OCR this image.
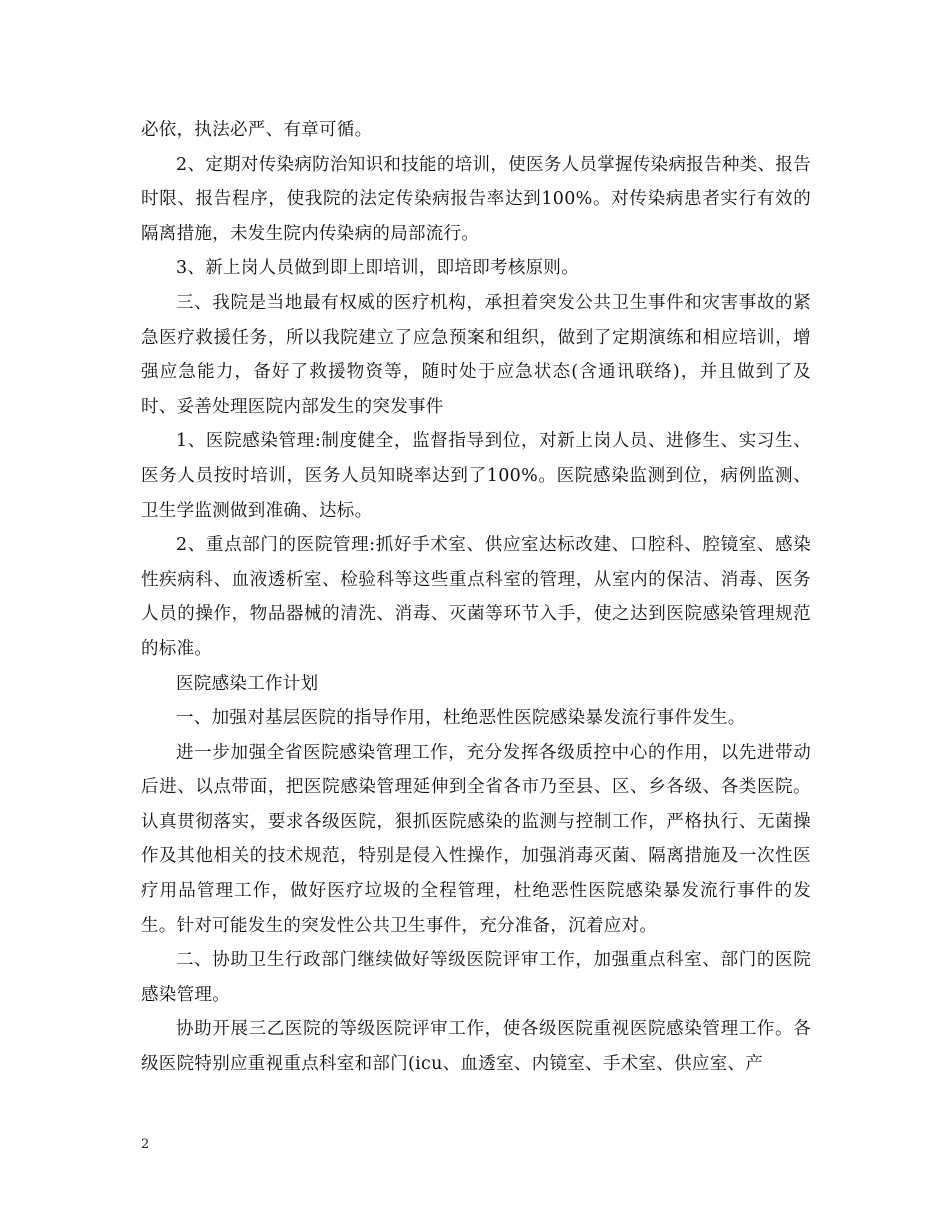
必依，执法必严、有章可循。

2、定期对传染病防治知识和技能的培训，使医务人员掌握传染病报告种类、报告时限、报告程序，使我院的法定传染病报告率达到100%。对传染病患者实行有效的隔离措施，未发生院内传染病的局部流行。

3、新上岗人员做到即上即培训，即培即考核原则。

三、我院是当地最有权威的医疗机构，承担着突发公共卫生事件和灾害事故的紧急医疗救援任务，所以我院建立了应急预案和组织，做到了定期演练和相应培训，增强应急能力，备好了救援物资等，随时处于应急状态(含通讯联络)，并且做到了及时、妥善处理医院内部发生的突发事件

1、医院感染管理:制度健全，监督指导到位，对新上岗人员、进修生、实习生、医务人员按时培训，医务人员知晓率达到了100%。医院感染监测到位，病例监测、卫生学监测做到准确、达标。

2、重点部门的医院管理:抓好手术室、供应室达标改建、口腔科、腔镜室、感染性疾病科、血液透析室、检验科等这些重点科室的管理，从室内的保洁、消毒、医务人员的操作，物品器械的清洗、消毒、灭菌等环节入手，使之达到医院感染管理规范的标准。

医院感染工作计划

一、加强对基层医院的指导作用，杜绝恶性医院感染暴发流行事件发生。

进一步加强全省医院感染管理工作，充分发挥各级质控中心的作用，以先进带动后进、以点带面，把医院感染管理延伸到全省各市乃至县、区、乡各级、各类医院。认真贯彻落实，要求各级医院，狠抓医院感染的监测与控制工作，严格执行、无菌操作及其他相关的技术规范，特别是侵入性操作，加强消毒灭菌、隔离措施及一次性医疗用品管理工作，做好医疗垃圾的全程管理，杜绝恶性医院感染暴发流行事件的发生。针对可能发生的突发性公共卫生事件，充分准备，沉着应对。

二、协助卫生行政部门继续做好等级医院评审工作，加强重点科室、部门的医院感染管理。

协助开展三乙医院的等级医院评审工作，使各级医院重视医院感染管理工作。各级医院特别应重视重点科室和部门(icu、血透室、内镜室、手术室、供应室、产

2
